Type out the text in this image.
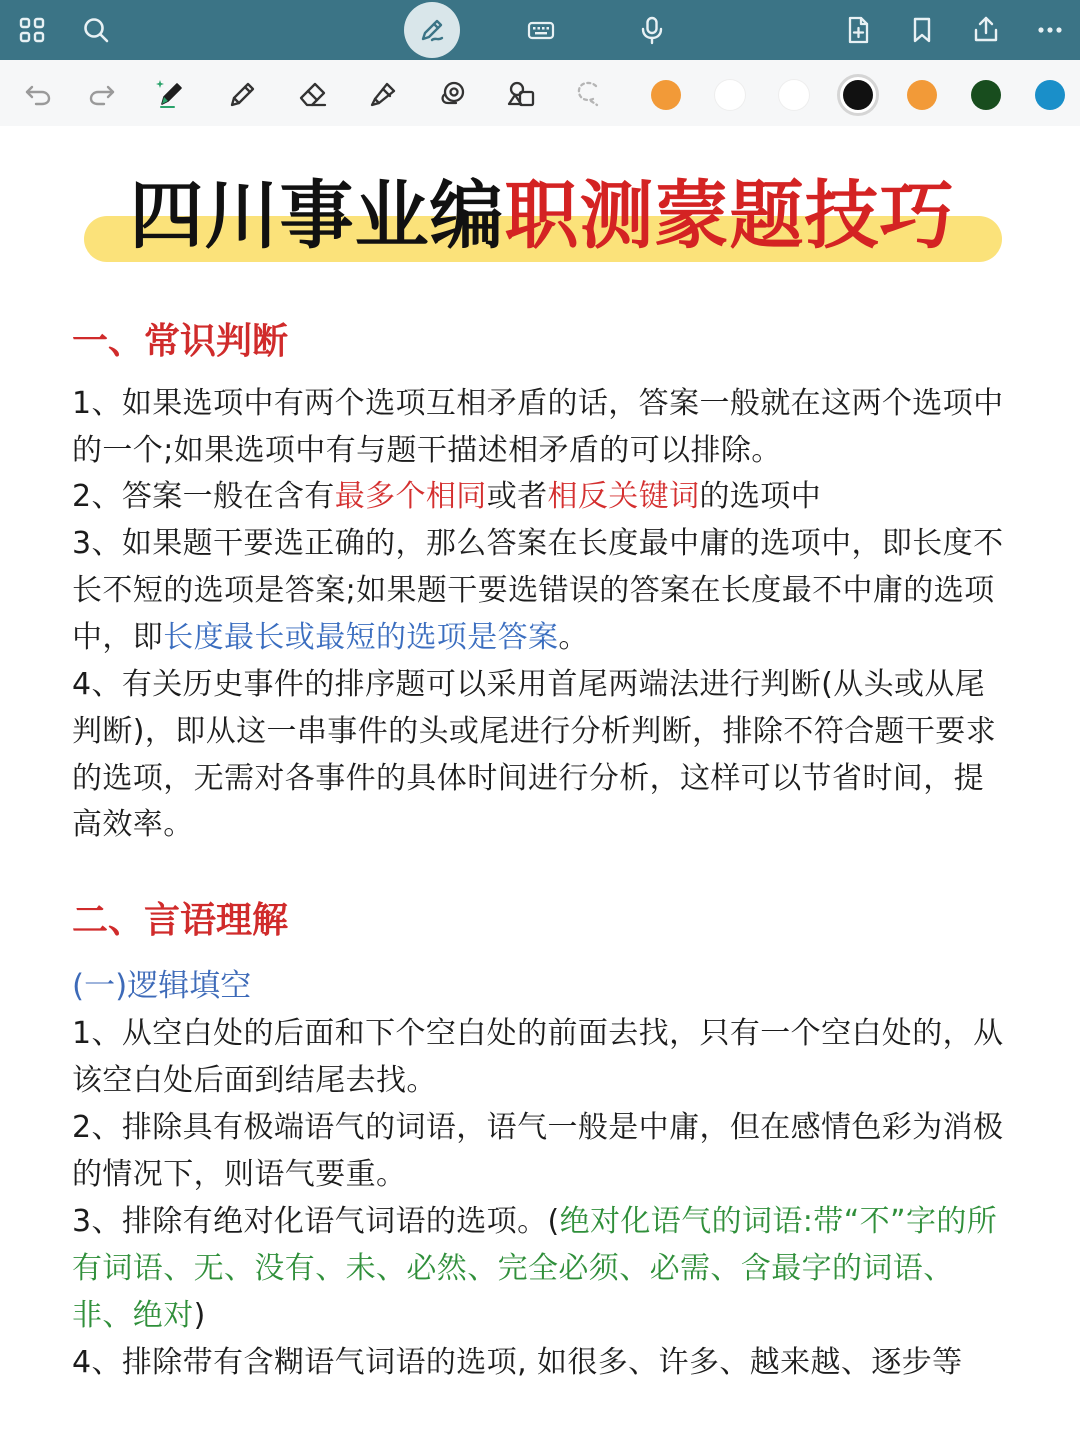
四川事业编职测蒙题技巧
一、常识判断
1、如果选项中有两个选项互相矛盾的话，答案一般就在这两个选项中的一个;如果选项中有与题干描述相矛盾的可以排除。
2、答案一般在含有最多个相同或者相反关键词的选项中
3、如果题干要选正确的，那么答案在长度最中庸的选项中，即长度不长不短的选项是答案;如果题干要选错误的答案在长度最不中庸的选项中，即长度最长或最短的选项是答案。
4、有关历史事件的排序题可以采用首尾两端法进行判断(从头或从尾判断)，即从这一串事件的头或尾进行分析判断，排除不符合题干要求的选项，无需对各事件的具体时间进行分析，这样可以节省时间，提高效率。
二、言语理解
(一)逻辑填空
1、从空白处的后面和下个空白处的前面去找，只有一个空白处的，从该空白处后面到结尾去找。
2、排除具有极端语气的词语，语气一般是中庸，但在感情色彩为消极的情况下，则语气要重。
3、排除有绝对化语气词语的选项。(绝对化语气的词语:带“不”字的所有词语、无、没有、未、必然、完全必须、必需、含最字的词语、非、绝对)
4、排除带有含糊语气词语的选项, 如很多、许多、越来越、逐步等
